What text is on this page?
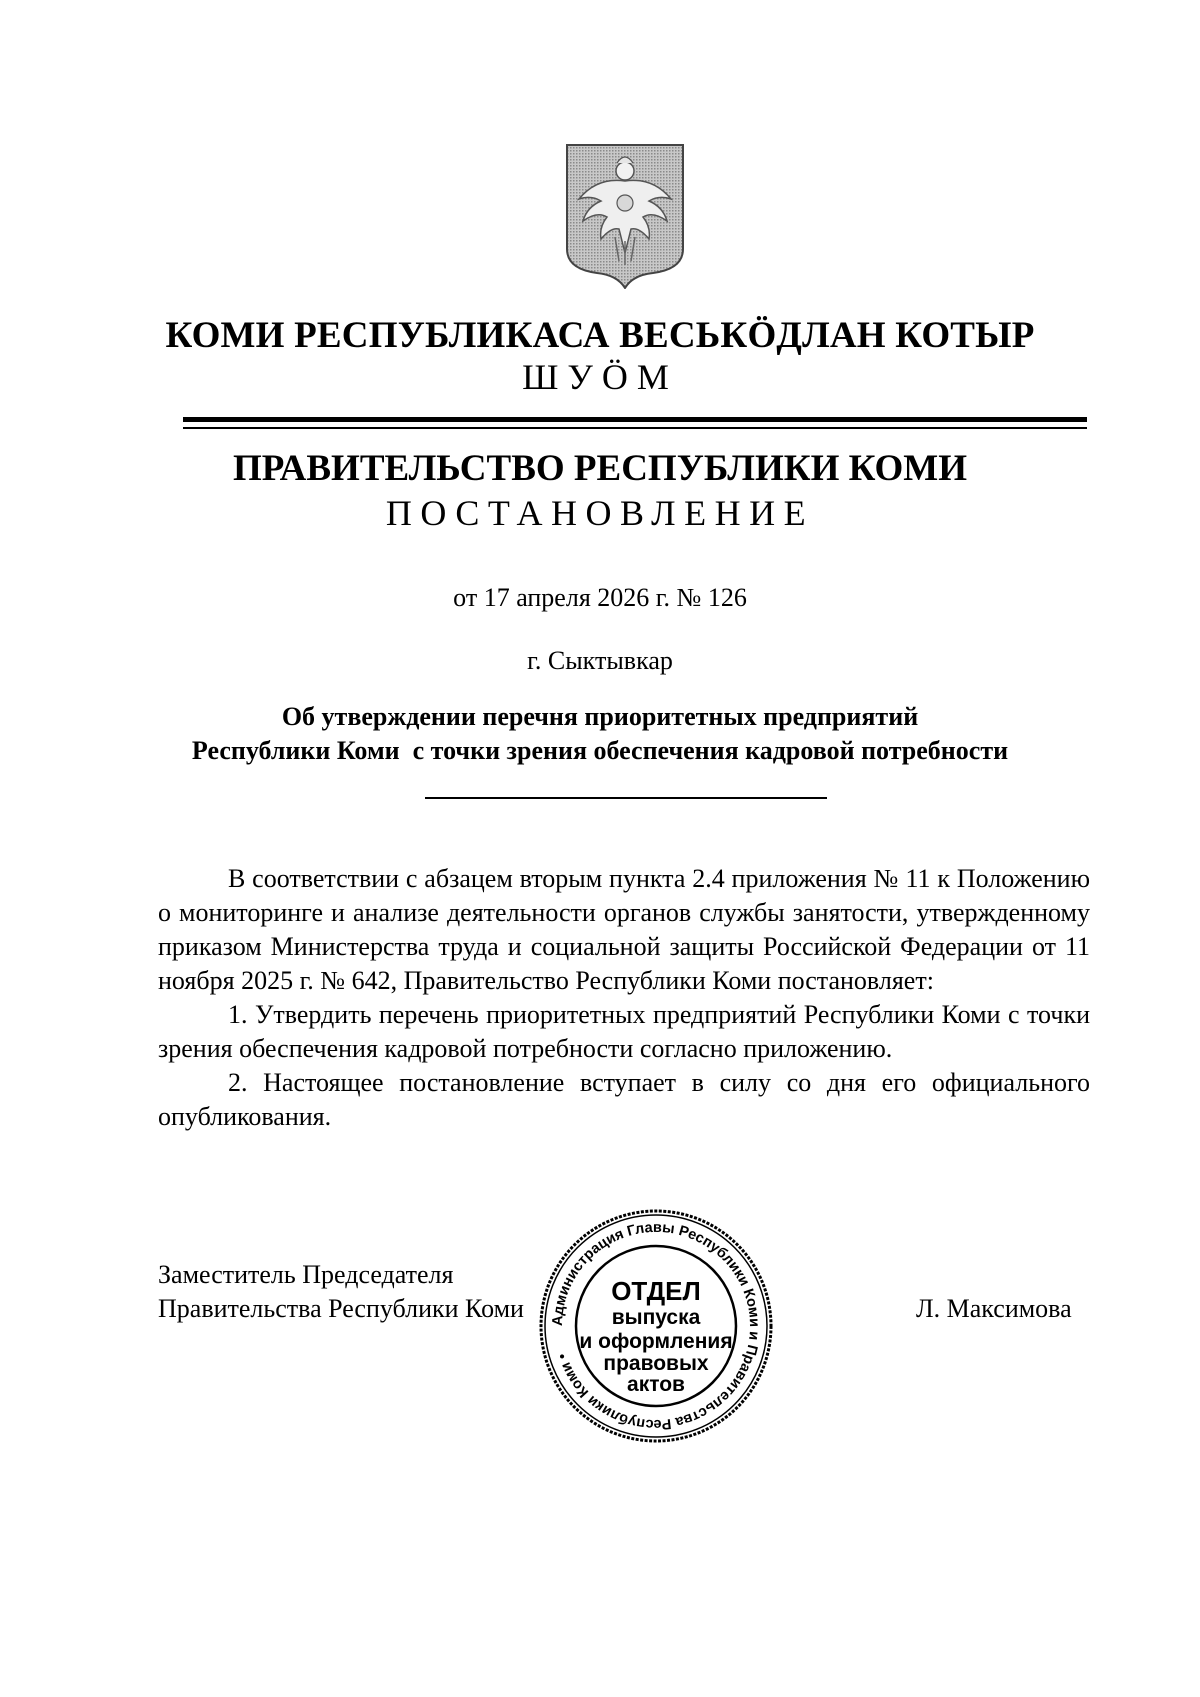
КОМИ РЕСПУБЛИКАСА ВЕСЬКӦДЛАН КОТЫР
ШУӦМ
ПРАВИТЕЛЬСТВО РЕСПУБЛИКИ КОМИ
ПОСТАНОВЛЕНИЕ
от 17 апреля 2026 г. № 126
г. Сыктывкар
Об утверждении перечня приоритетных предприятий
Республики Коми  с точки зрения обеспечения кадровой потребности

В соответствии с абзацем вторым пункта 2.4 приложения № 11 к Положению о мониторинге и анализе деятельности органов службы занятости, утвержденному приказом Министерства труда и социальной защиты Российской Федерации от 11 ноября 2025 г. № 642, Правительство Республики Коми постановляет:

1. Утвердить перечень приоритетных предприятий Республики Коми с точки зрения обеспечения кадровой потребности согласно приложению.

2. Настоящее постановление вступает в силу со дня его официального опубликования.

Заместитель Председателя
Правительства Республики Коми	Л. Максимова
Администрация Главы Республики Коми и Правительства Республики Коми •
ОТДЕЛ
выпуска
и оформления
правовых
актов
